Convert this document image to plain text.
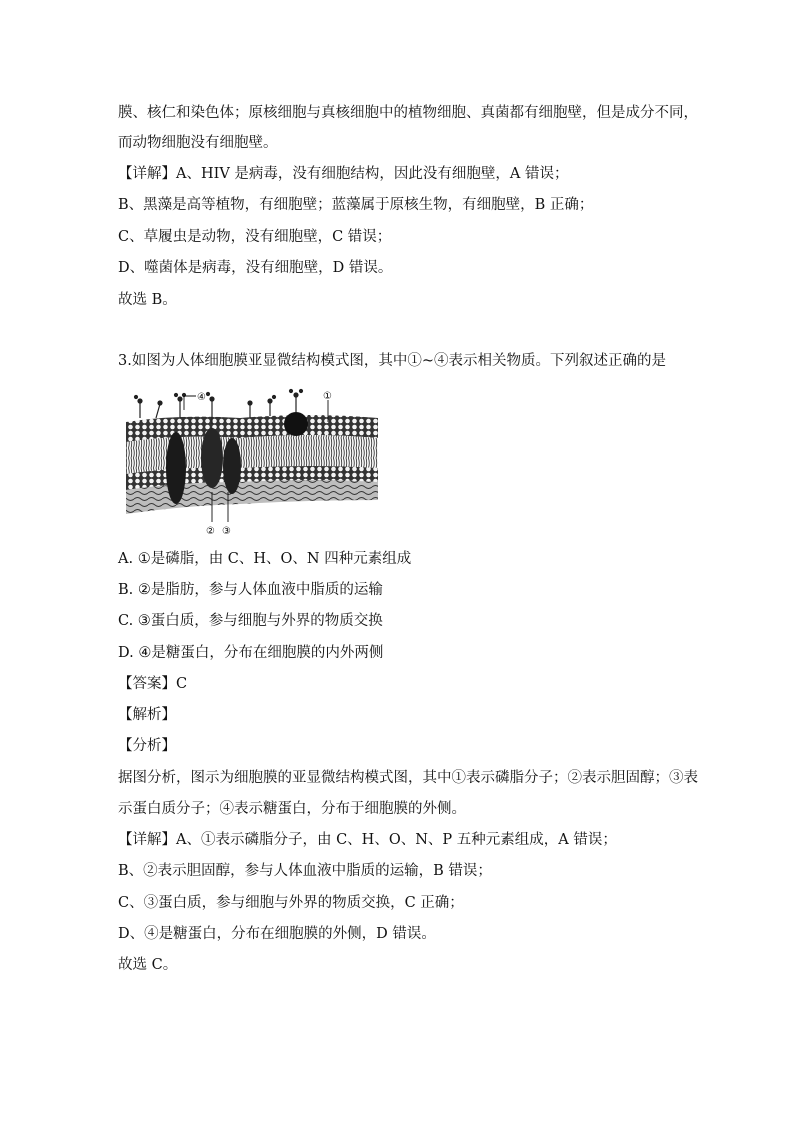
膜、核仁和染色体；原核细胞与真核细胞中的植物细胞、真菌都有细胞壁，但是成分不同，
而动物细胞没有细胞壁。
【详解】A、HIV 是病毒，没有细胞结构，因此没有细胞壁，A 错误；
B、黑藻是高等植物，有细胞壁；蓝藻属于原核生物，有细胞壁，B 正确；
C、草履虫是动物，没有细胞壁，C 错误；
D、噬菌体是病毒，没有细胞壁，D 错误。
故选 B。
3.如图为人体细胞膜亚显微结构模式图，其中①~④表示相关物质。下列叙述正确的是
④	①
② ③
A. ①是磷脂，由 C、H、O、N 四种元素组成
B. ②是脂肪，参与人体血液中脂质的运输
C. ③蛋白质，参与细胞与外界的物质交换
D. ④是糖蛋白，分布在细胞膜的内外两侧
【答案】C
【解析】
【分析】
据图分析，图示为细胞膜的亚显微结构模式图，其中①表示磷脂分子；②表示胆固醇；③表
示蛋白质分子；④表示糖蛋白，分布于细胞膜的外侧。
【详解】A、①表示磷脂分子，由 C、H、O、N、P 五种元素组成，A 错误；
B、②表示胆固醇，参与人体血液中脂质的运输，B 错误；
C、③蛋白质，参与细胞与外界的物质交换，C 正确；
D、④是糖蛋白，分布在细胞膜的外侧，D 错误。
故选 C。
